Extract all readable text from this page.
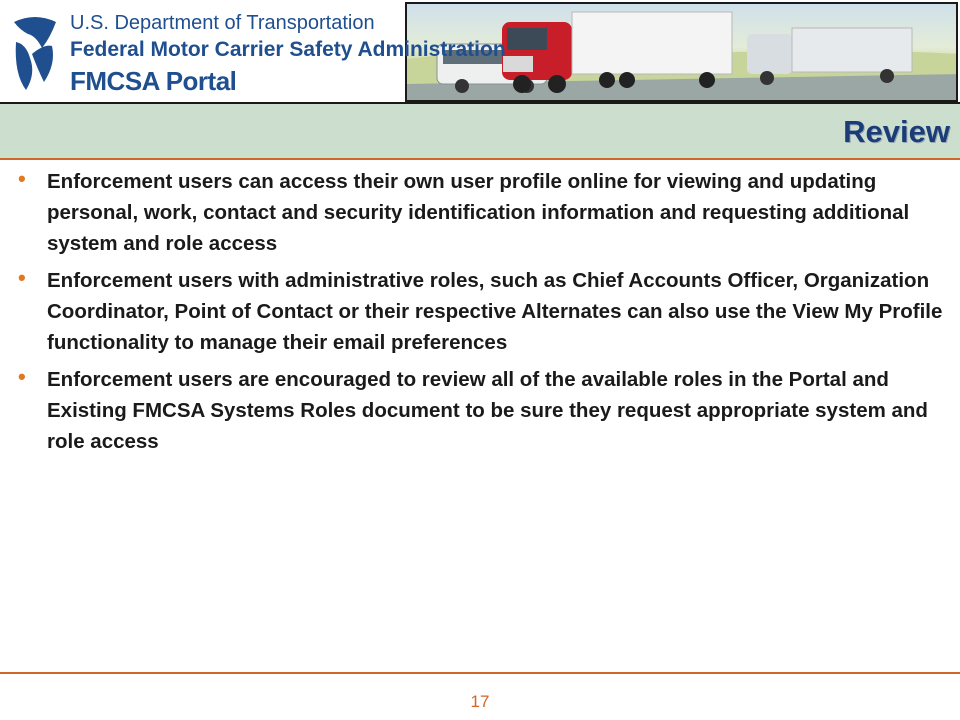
U.S. Department of Transportation

Federal Motor Carrier Safety Administration

FMCSA Portal

Review
• Enforcement users can access their own user profile online for viewing and updating personal, work, contact and security identification information and requesting additional system and role access
• Enforcement users with administrative roles, such as Chief Accounts Officer, Organization Coordinator, Point of Contact or their respective Alternates can also use the View My Profile functionality to manage their email preferences
• Enforcement users are encouraged to review all of the available roles in the Portal and Existing FMCSA Systems Roles document to be sure they request appropriate system and role access

17
